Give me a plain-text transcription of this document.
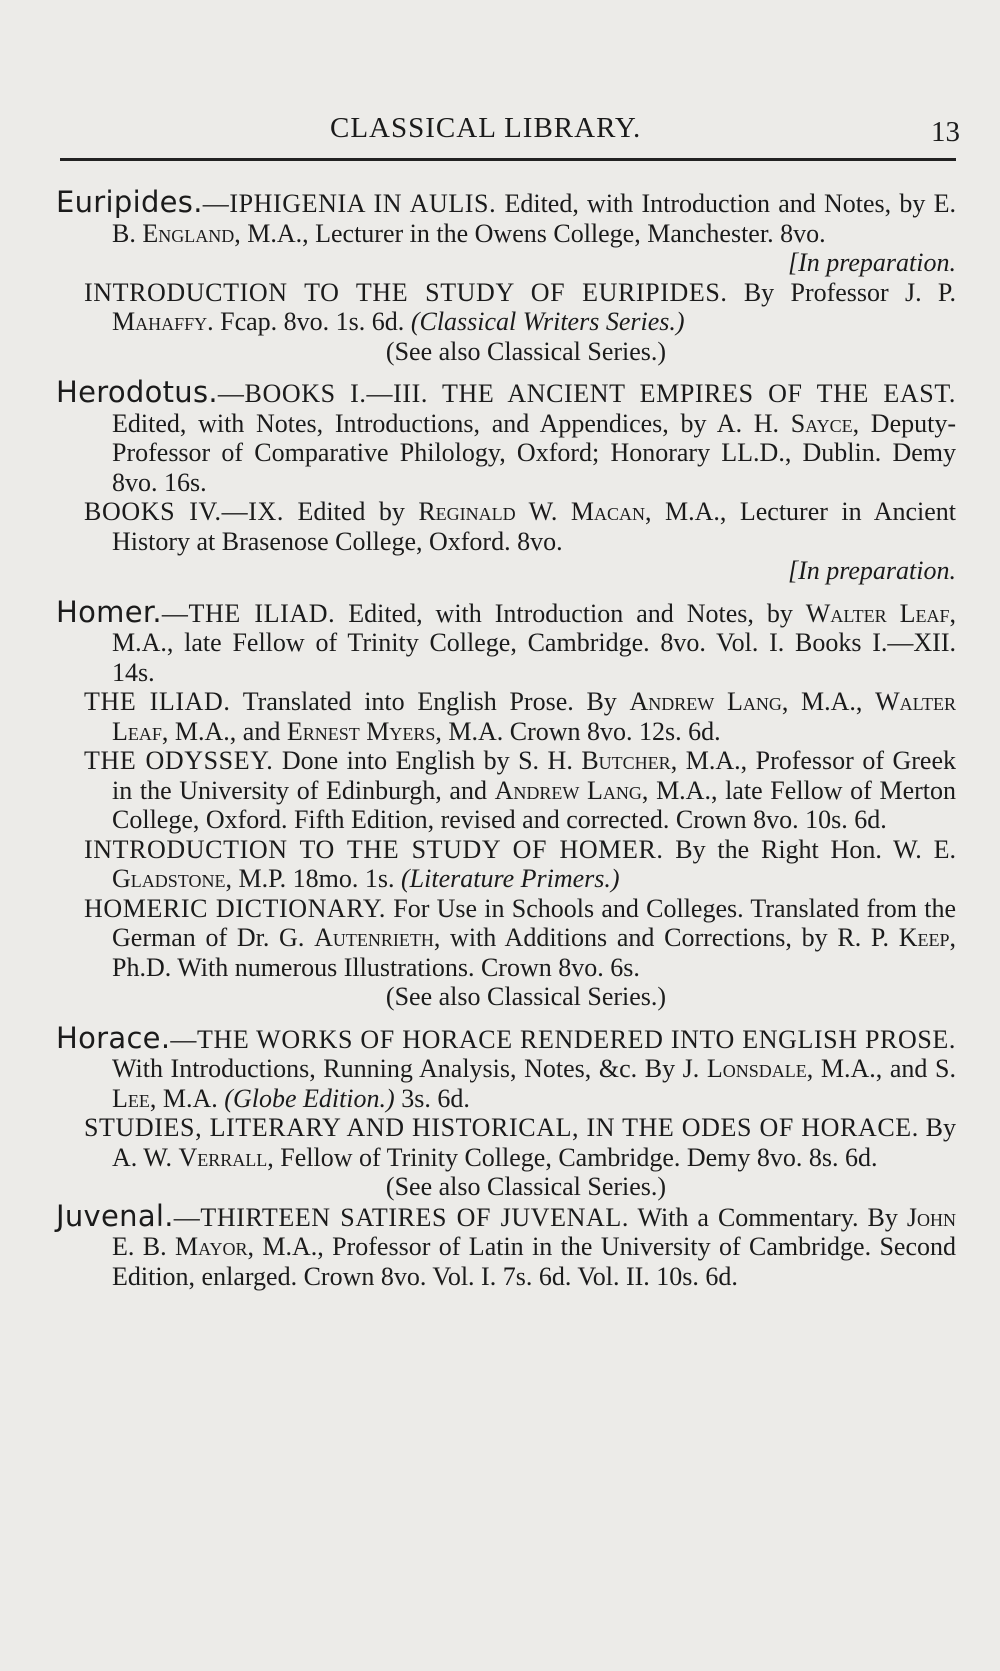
CLASSICAL LIBRARY.	13

Euripides.—IPHIGENIA IN AULIS. Edited, with Introduction and Notes, by E. B. England, M.A., Lecturer in the Owens College, Manchester. 8vo.
[In preparation.

INTRODUCTION TO THE STUDY OF EURIPIDES. By Professor J. P. Mahaffy. Fcap. 8vo. 1s. 6d. (Classical Writers Series.)

(See also Classical Series.)

Herodotus.—BOOKS I.—III. THE ANCIENT EMPIRES OF THE EAST. Edited, with Notes, Introductions, and Appendices, by A. H. Sayce, Deputy-Professor of Comparative Philology, Oxford; Honorary LL.D., Dublin. Demy 8vo. 16s.

BOOKS IV.—IX. Edited by Reginald W. Macan, M.A., Lecturer in Ancient History at Brasenose College, Oxford. 8vo.
[In preparation.

Homer.—THE ILIAD. Edited, with Introduction and Notes, by Walter Leaf, M.A., late Fellow of Trinity College, Cambridge. 8vo. Vol. I. Books I.—XII. 14s.

THE ILIAD. Translated into English Prose. By Andrew Lang, M.A., Walter Leaf, M.A., and Ernest Myers, M.A. Crown 8vo. 12s. 6d.

THE ODYSSEY. Done into English by S. H. Butcher, M.A., Professor of Greek in the University of Edinburgh, and Andrew Lang, M.A., late Fellow of Merton College, Oxford. Fifth Edition, revised and corrected. Crown 8vo. 10s. 6d.

INTRODUCTION TO THE STUDY OF HOMER. By the Right Hon. W. E. Gladstone, M.P. 18mo. 1s. (Literature Primers.)

HOMERIC DICTIONARY. For Use in Schools and Colleges. Translated from the German of Dr. G. Autenrieth, with Additions and Corrections, by R. P. Keep, Ph.D. With numerous Illustrations. Crown 8vo. 6s.

(See also Classical Series.)

Horace.—THE WORKS OF HORACE RENDERED INTO ENGLISH PROSE. With Introductions, Running Analysis, Notes, &c. By J. Lonsdale, M.A., and S. Lee, M.A. (Globe Edition.) 3s. 6d.

STUDIES, LITERARY AND HISTORICAL, IN THE ODES OF HORACE. By A. W. Verrall, Fellow of Trinity College, Cambridge. Demy 8vo. 8s. 6d.

(See also Classical Series.)

Juvenal.—THIRTEEN SATIRES OF JUVENAL. With a Commentary. By John E. B. Mayor, M.A., Professor of Latin in the University of Cambridge. Second Edition, enlarged. Crown 8vo. Vol. I. 7s. 6d. Vol. II. 10s. 6d.
